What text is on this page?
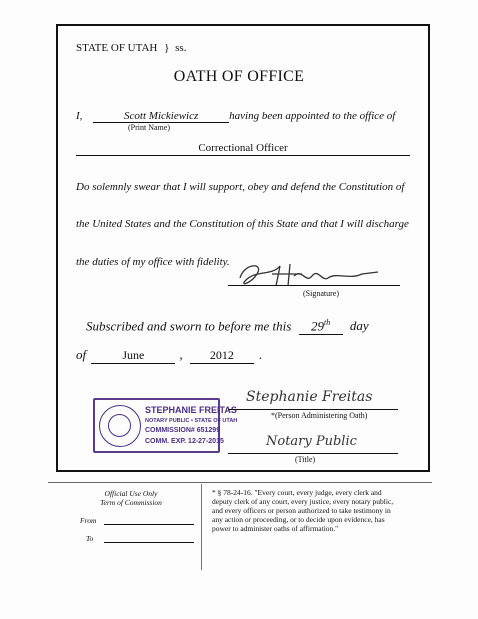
STATE OF UTAH } ss.
OATH OF OFFICE
I,	Scott Mickiewicz	having been appointed to the office of
(Print Name)
Correctional Officer
Do solemnly swear that I will support, obey and defend the Constitution of
the United States and the Constitution of this State and that I will discharge
the duties of my office with fidelity.
(Signature)
Subscribed and sworn to before me this 29th day
of	June	, 2012 .
STEPHANIE FREITAS
NOTARY PUBLIC • STATE OF UTAH
COMMISSION# 651299
COMM. EXP. 12-27-2015
Stephanie Freitas
*(Person Administering Oath)
Notary Public
(Title)
Official Use Only
Term of Commission
From
To
* § 78-24-16. "Every court, every judge, every clerk and
deputy clerk of any court, every justice, every notary public,
and every officers or person authorized to take testimony in
any action or proceeding, or to decide upon evidence, has
power to administer oaths of affirmation."
